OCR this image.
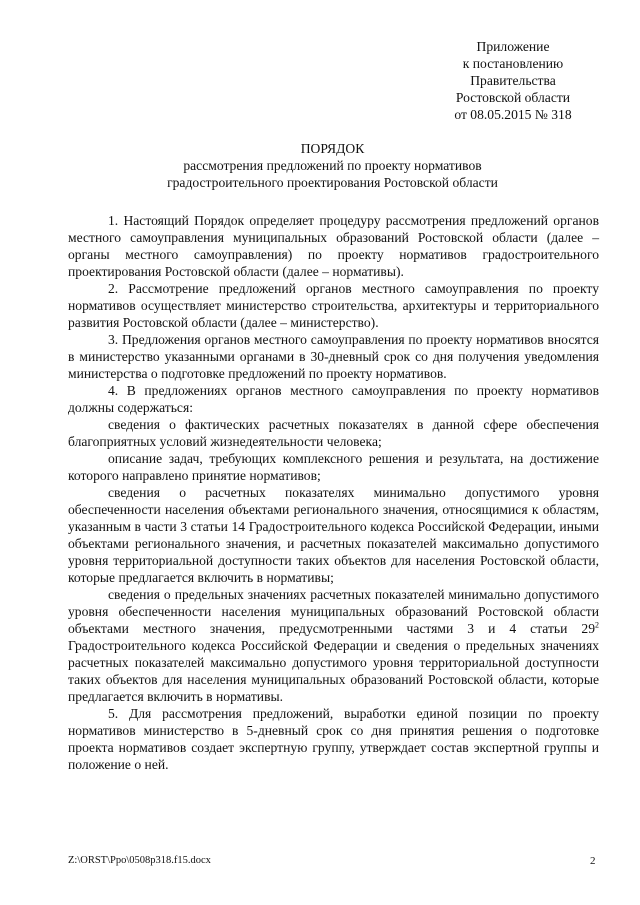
Приложение
к постановлению
Правительства
Ростовской области
от 08.05.2015 № 318
ПОРЯДОК
рассмотрения предложений по проекту нормативов
градостроительного проектирования Ростовской области

1. Настоящий Порядок определяет процедуру рассмотрения предложений органов местного самоуправления муниципальных образований Ростовской области (далее – органы местного самоуправления) по проекту нормативов градостроительного проектирования Ростовской области (далее – нормативы).

2. Рассмотрение предложений органов местного самоуправления по проекту нормативов осуществляет министерство строительства, архитектуры и территориального развития Ростовской области (далее – министерство).

3. Предложения органов местного самоуправления по проекту нормативов вносятся в министерство указанными органами в 30-дневный срок со дня получения уведомления министерства о подготовке предложений по проекту нормативов.

4. В предложениях органов местного самоуправления по проекту нормативов должны содержаться:

сведения о фактических расчетных показателях в данной сфере обеспечения благоприятных условий жизнедеятельности человека;

описание задач, требующих комплексного решения и результата, на достижение которого направлено принятие нормативов;

сведения о расчетных показателях минимально допустимого уровня обеспеченности населения объектами регионального значения, относящимися к областям, указанным в части 3 статьи 14 Градостроительного кодекса Российской Федерации, иными объектами регионального значения, и расчетных показателей максимально допустимого уровня территориальной доступности таких объектов для населения Ростовской области, которые предлагается включить в нормативы;

сведения о предельных значениях расчетных показателей минимально допустимого уровня обеспеченности населения муниципальных образований Ростовской области объектами местного значения, предусмотренными частями 3 и 4 статьи $29^2$ Градостроительного кодекса Российской Федерации и сведения о предельных значениях расчетных показателей максимально допустимого уровня территориальной доступности таких объектов для населения муниципальных образований Ростовской области, которые предлагается включить в нормативы.

5. Для рассмотрения предложений, выработки единой позиции по проекту нормативов министерство в 5-дневный срок со дня принятия решения о подготовке проекта нормативов создает экспертную группу, утверждает состав экспертной группы и положение о ней.

Z:\ORST\Ppo\0508p318.f15.docx	2
